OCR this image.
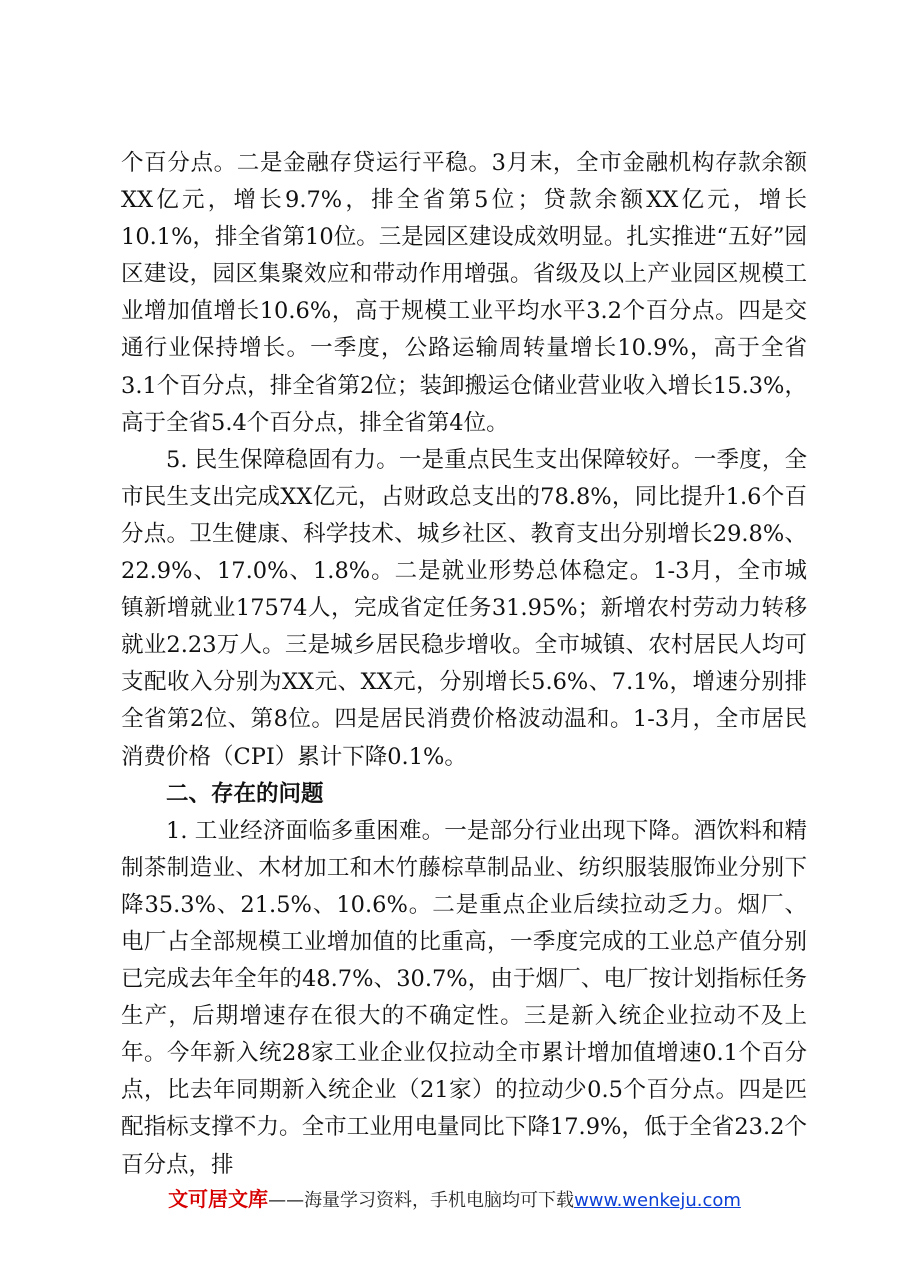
个百分点。二是金融存贷运行平稳。3月末，全市金融机构存款余额XX亿元，增长9.7%，排全省第5位；贷款余额XX亿元，增长10.1%，排全省第10位。三是园区建设成效明显。扎实推进“五好”园区建设，园区集聚效应和带动作用增强。省级及以上产业园区规模工业增加值增长10.6%，高于规模工业平均水平3.2个百分点。四是交通行业保持增长。一季度，公路运输周转量增长10.9%，高于全省3.1个百分点，排全省第2位；装卸搬运仓储业营业收入增长15.3%，高于全省5.4个百分点，排全省第4位。

5. 民生保障稳固有力。一是重点民生支出保障较好。一季度，全市民生支出完成XX亿元，占财政总支出的78.8%，同比提升1.6个百分点。卫生健康、科学技术、城乡社区、教育支出分别增长29.8%、22.9%、17.0%、1.8%。二是就业形势总体稳定。1-3月，全市城镇新增就业17574人，完成省定任务31.95%；新增农村劳动力转移就业2.23万人。三是城乡居民稳步增收。全市城镇、农村居民人均可支配收入分别为XX元、XX元，分别增长5.6%、7.1%，增速分别排全省第2位、第8位。四是居民消费价格波动温和。1-3月，全市居民消费价格（CPI）累计下降0.1%。

二、存在的问题

1. 工业经济面临多重困难。一是部分行业出现下降。酒饮料和精制茶制造业、木材加工和木竹藤棕草制品业、纺织服装服饰业分别下降35.3%、21.5%、10.6%。二是重点企业后续拉动乏力。烟厂、电厂占全部规模工业增加值的比重高，一季度完成的工业总产值分别已完成去年全年的48.7%、30.7%，由于烟厂、电厂按计划指标任务生产，后期增速存在很大的不确定性。三是新入统企业拉动不及上年。今年新入统28家工业企业仅拉动全市累计增加值增速0.1个百分点，比去年同期新入统企业（21家）的拉动少0.5个百分点。四是匹配指标支撑不力。全市工业用电量同比下降17.9%，低于全省23.2个百分点，排

文可居文库——海量学习资料，手机电脑均可下载www.wenkeju.com
